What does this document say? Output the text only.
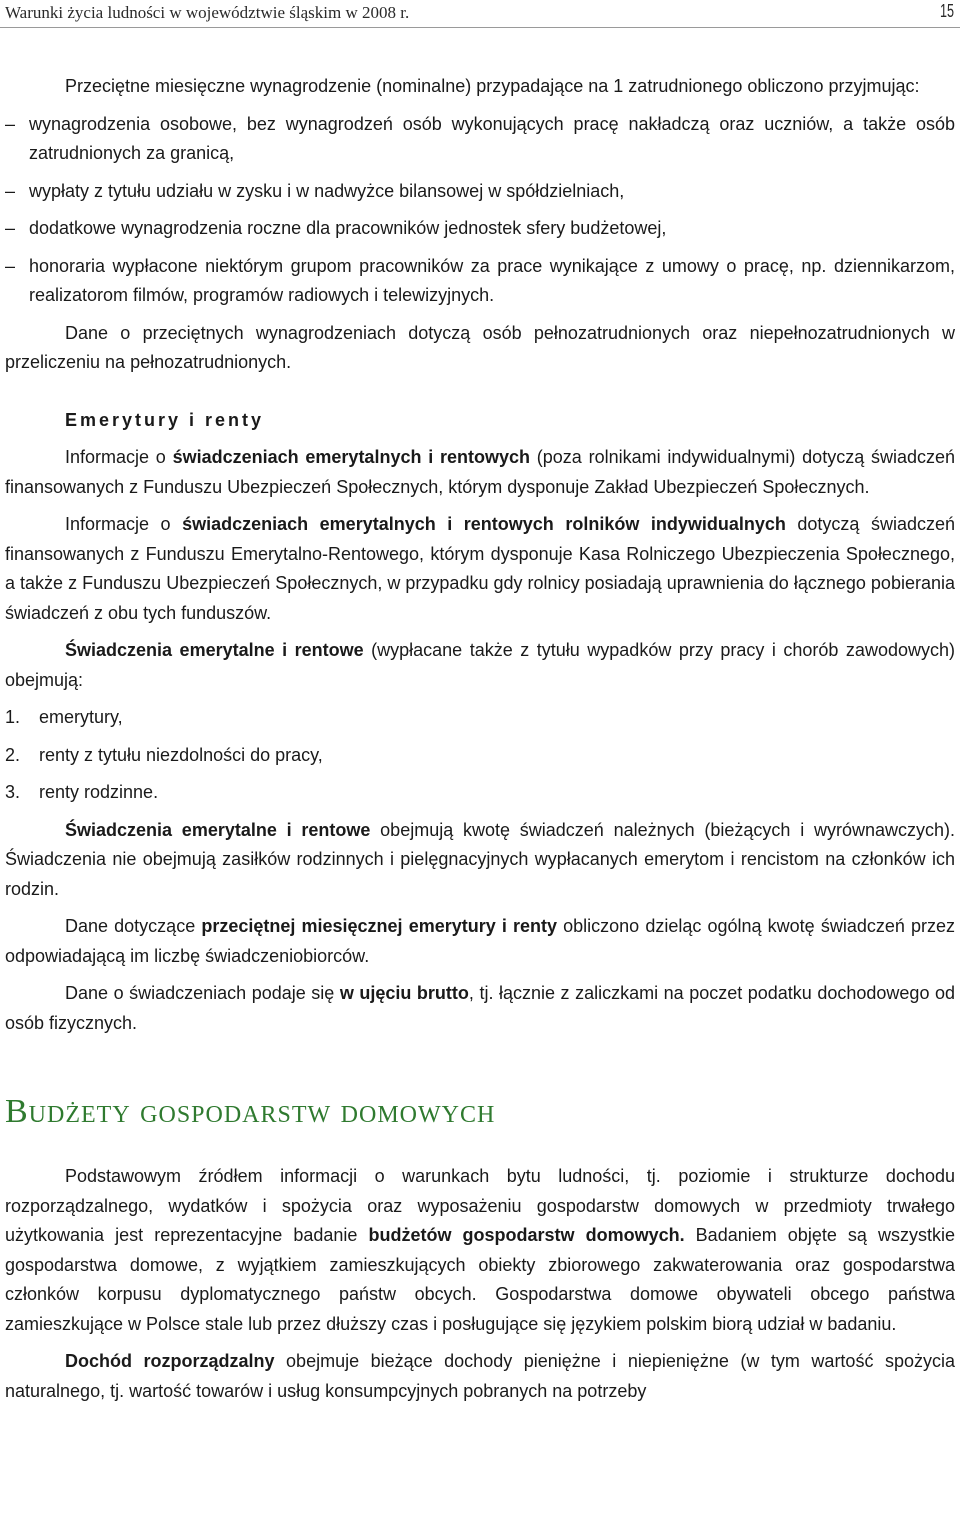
Warunki życia ludności w województwie śląskim w 2008 r.	15

Przeciętne miesięczne wynagrodzenie (nominalne) przypadające na 1 zatrudnionego obliczono przyjmując:

– wynagrodzenia osobowe, bez wynagrodzeń osób wykonujących pracę nakładczą oraz uczniów, a także osób zatrudnionych za granicą,

– wypłaty z tytułu udziału w zysku i w nadwyżce bilansowej w spółdzielniach,

– dodatkowe wynagrodzenia roczne dla pracowników jednostek sfery budżetowej,

– honoraria wypłacone niektórym grupom pracowników za prace wynikające z umowy o pracę, np. dziennikarzom, realizatorom filmów, programów radiowych i telewizyjnych.

Dane o przeciętnych wynagrodzeniach dotyczą osób pełnozatrudnionych oraz niepełnozatrudnionych w przeliczeniu na pełnozatrudnionych.

Emerytury i renty

Informacje o świadczeniach emerytalnych i rentowych (poza rolnikami indywidualnymi) dotyczą świadczeń finansowanych z Funduszu Ubezpieczeń Społecznych, którym dysponuje Zakład Ubezpieczeń Społecznych.

Informacje o świadczeniach emerytalnych i rentowych rolników indywidualnych dotyczą świadczeń finansowanych z Funduszu Emerytalno-Rentowego, którym dysponuje Kasa Rolniczego Ubezpieczenia Społecznego, a także z Funduszu Ubezpieczeń Społecznych, w przypadku gdy rolnicy posiadają uprawnienia do łącznego pobierania świadczeń z obu tych funduszów.

Świadczenia emerytalne i rentowe (wypłacane także z tytułu wypadków przy pracy i chorób zawodowych) obejmują:

1.	emerytury,
2.	renty z tytułu niezdolności do pracy,
3.	renty rodzinne.

Świadczenia emerytalne i rentowe obejmują kwotę świadczeń należnych (bieżących i wyrównawczych). Świadczenia nie obejmują zasiłków rodzinnych i pielęgnacyjnych wypłacanych emerytom i rencistom na członków ich rodzin.

Dane dotyczące przeciętnej miesięcznej emerytury i renty obliczono dzieląc ogólną kwotę świadczeń przez odpowiadającą im liczbę świadczeniobiorców.

Dane o świadczeniach podaje się w ujęciu brutto, tj. łącznie z zaliczkami na poczet podatku dochodowego od osób fizycznych.

Budżety gospodarstw domowych

Podstawowym źródłem informacji o warunkach bytu ludności, tj. poziomie i strukturze dochodu rozporządzalnego, wydatków i spożycia oraz wyposażeniu gospodarstw domowych w przedmioty trwałego użytkowania jest reprezentacyjne badanie budżetów gospodarstw domowych. Badaniem objęte są wszystkie gospodarstwa domowe, z wyjątkiem zamieszkujących obiekty zbiorowego zakwaterowania oraz gospodarstwa członków korpusu dyplomatycznego państw obcych. Gospodarstwa domowe obywateli obcego państwa zamieszkujące w Polsce stale lub przez dłuższy czas i posługujące się językiem polskim biorą udział w badaniu.

Dochód rozporządzalny obejmuje bieżące dochody pieniężne i niepieniężne (w tym wartość spożycia naturalnego, tj. wartość towarów i usług konsumpcyjnych pobranych na potrzeby
